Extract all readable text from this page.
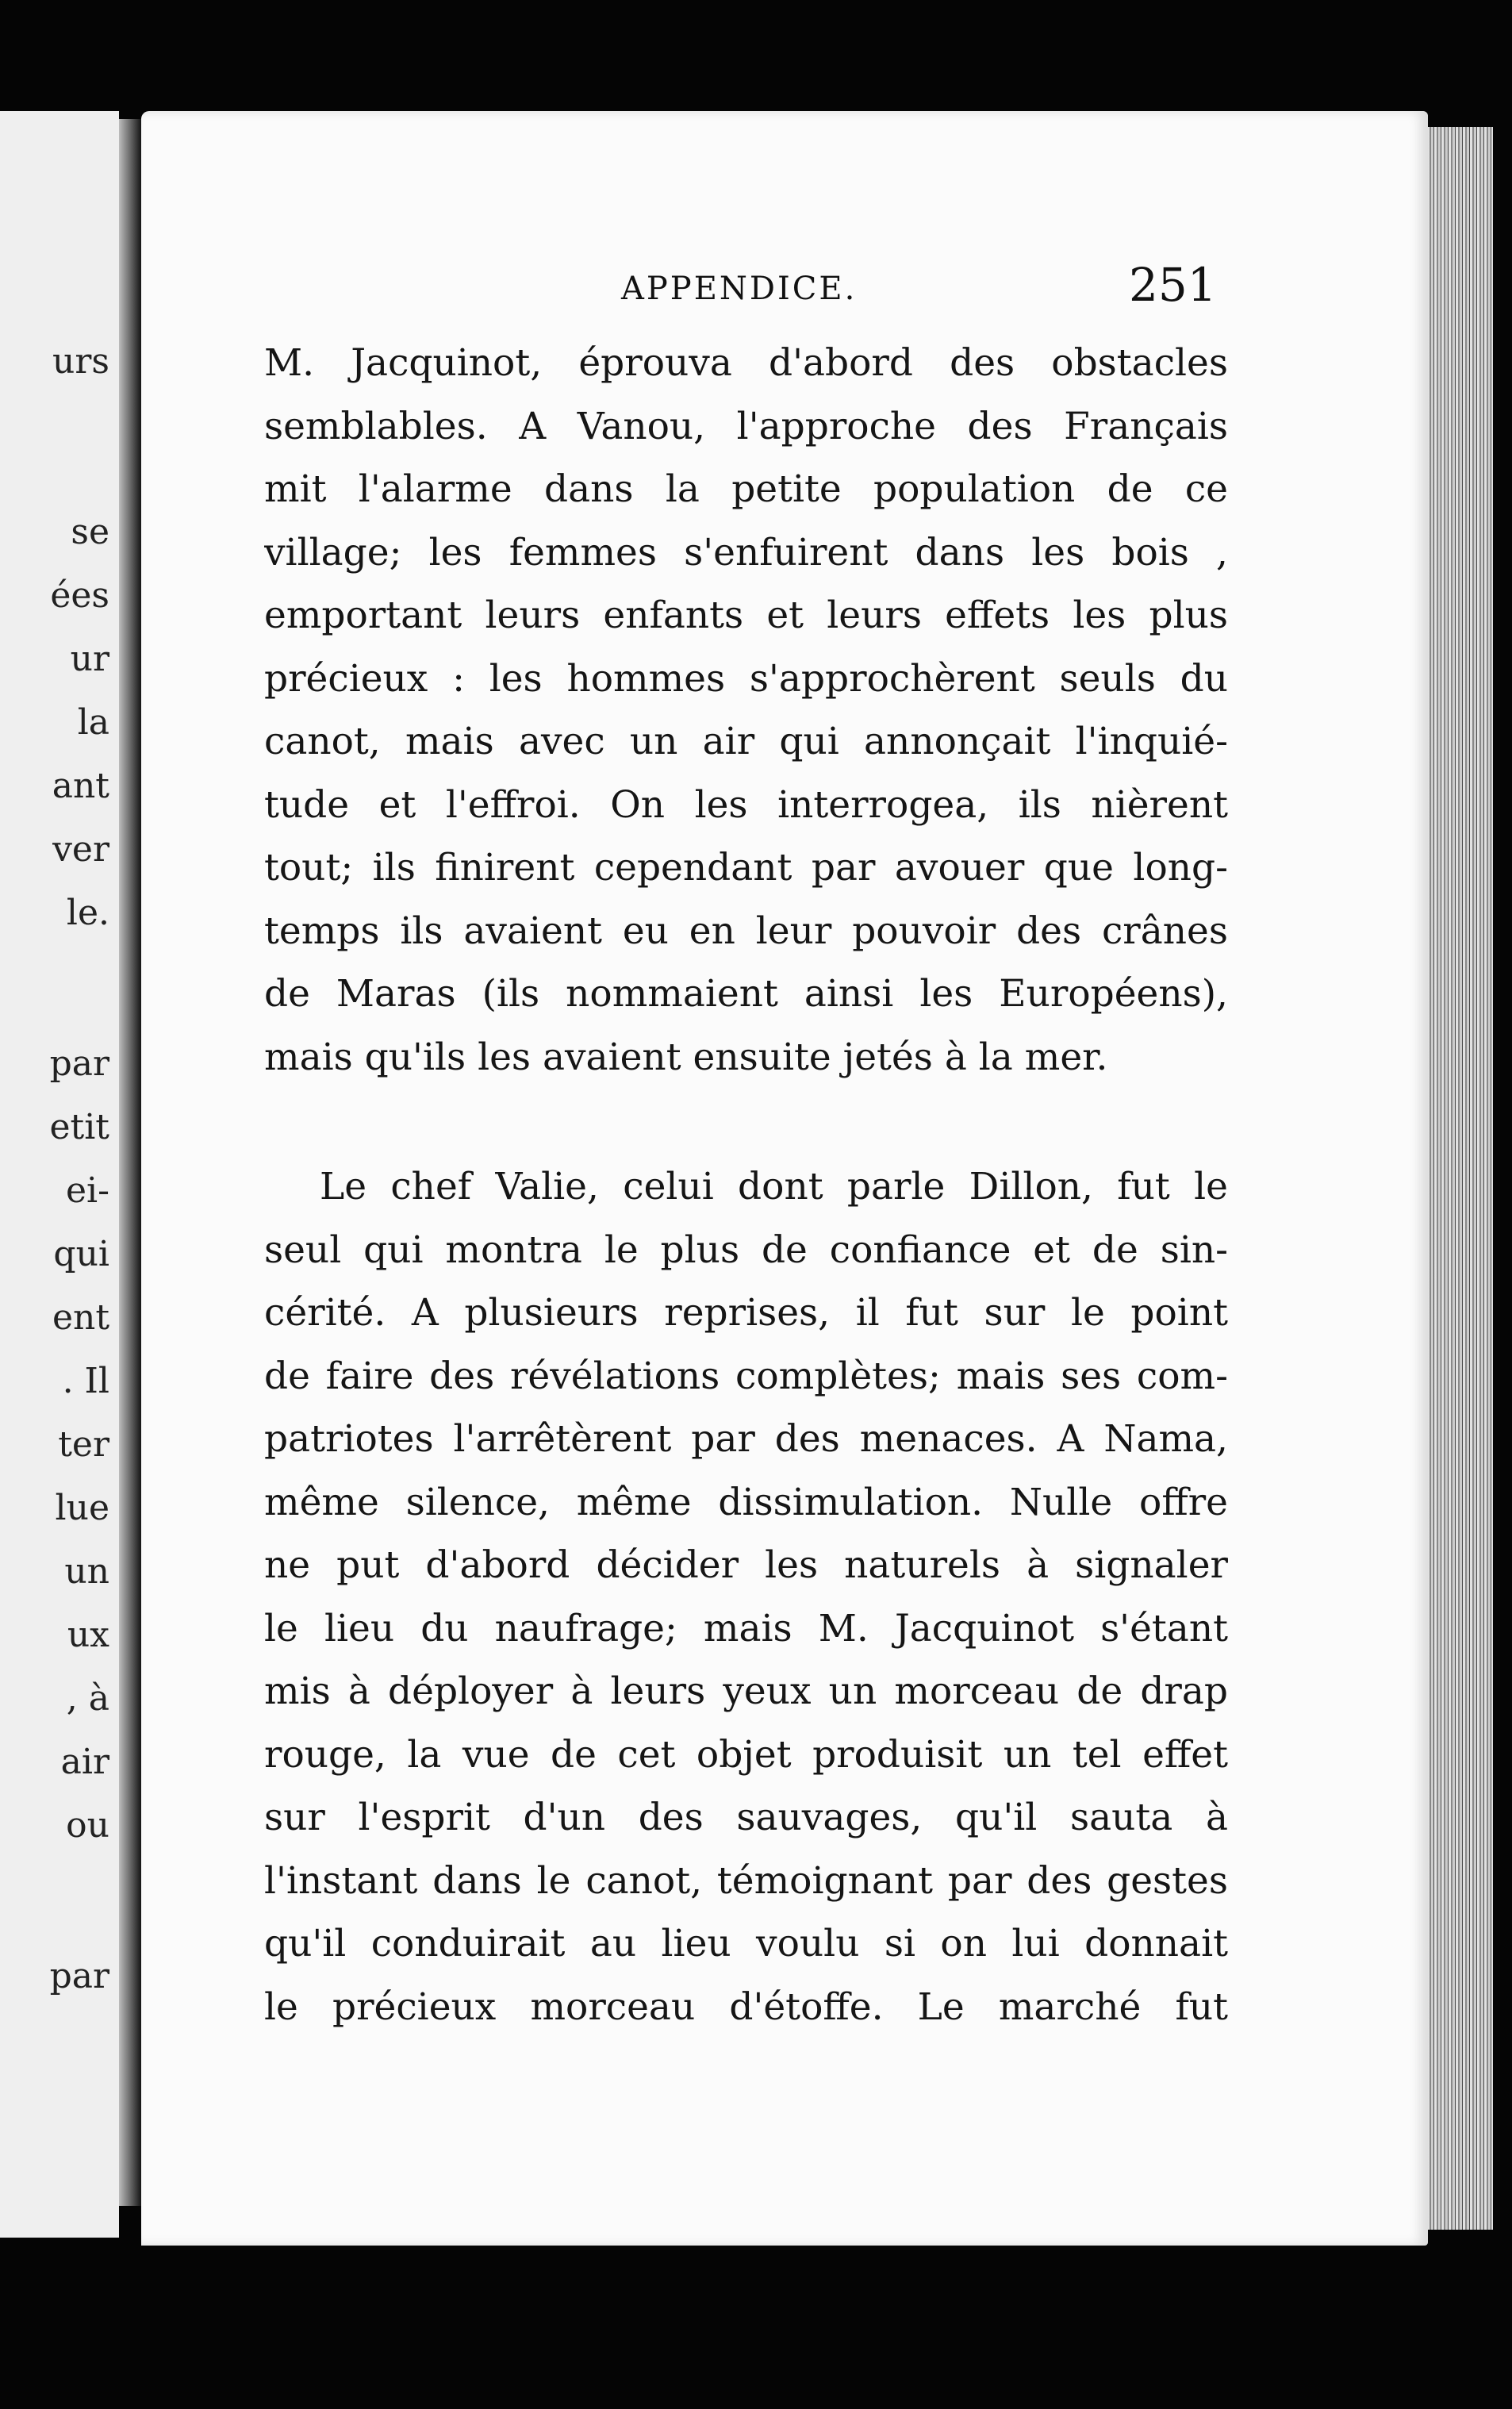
urs
se
ées
ur
la
ant
ver
le.
par
etit
ei-
qui
ent
. Il
ter
lue
un
ux
, à
air
ou
par
APPENDICE.	251
M. Jacquinot, éprouva d'abord des obstacles
semblables. A Vanou, l'approche des Français
mit l'alarme dans la petite population de ce
village; les femmes s'enfuirent dans les bois ,
emportant leurs enfants et leurs effets les plus
précieux : les hommes s'approchèrent seuls du
canot, mais avec un air qui annonçait l'inquié-
tude et l'effroi. On les interrogea, ils nièrent
tout; ils finirent cependant par avouer que long-
temps ils avaient eu en leur pouvoir des crânes
de Maras (ils nommaient ainsi les Européens),
mais qu'ils les avaient ensuite jetés à la mer.
Le chef Valie, celui dont parle Dillon, fut le
seul qui montra le plus de confiance et de sin-
cérité. A plusieurs reprises, il fut sur le point
de faire des révélations complètes; mais ses com-
patriotes l'arrêtèrent par des menaces. A Nama,
même silence, même dissimulation. Nulle offre
ne put d'abord décider les naturels à signaler
le lieu du naufrage; mais M. Jacquinot s'étant
mis à déployer à leurs yeux un morceau de drap
rouge, la vue de cet objet produisit un tel effet
sur l'esprit d'un des sauvages, qu'il sauta à
l'instant dans le canot, témoignant par des gestes
qu'il conduirait au lieu voulu si on lui donnait
le précieux morceau d'étoffe. Le marché fut
